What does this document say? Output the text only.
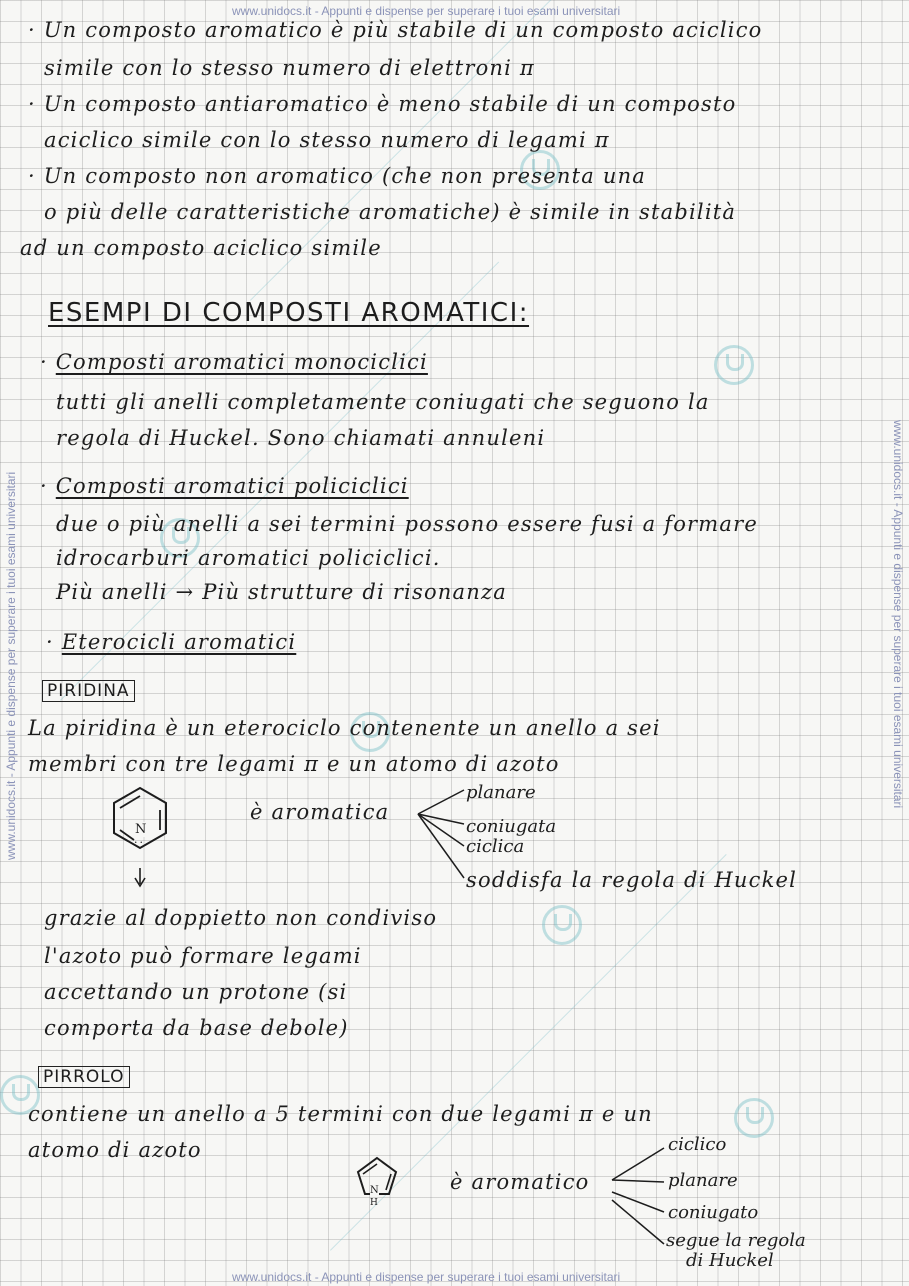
www.unidocs.it - Appunti e dispense per superare i tuoi esami universitari
www.unidocs.it - Appunti e dispense per superare i tuoi esami universitari
www.unidocs.it - Appunti e dispense per superare i tuoi esami universitari	www.unidocs.it - Appunti e dispense per superare i tuoi esami universitari
· Un composto aromatico è più stabile di un composto aciclico
simile con lo stesso numero di elettroni π
· Un composto antiaromatico è meno stabile di un composto
aciclico simile con lo stesso numero di legami π
· Un composto non aromatico (che non presenta una
o più delle caratteristiche aromatiche) è simile in stabilità
ad un composto aciclico simile
ESEMPI DI COMPOSTI AROMATICI:
· Composti aromatici monociclici
tutti gli anelli completamente coniugati che seguono la
regola di Huckel. Sono chiamati annuleni
· Composti aromatici policiclici
due o più anelli a sei termini possono essere fusi a formare
idrocarburi aromatici policiclici.
Più anelli → Più strutture di risonanza
· Eterocicli aromatici
PIRIDINA
La piridina è un eterociclo contenente un anello a sei
membri con tre legami π e un atomo di azoto
N
··
è aromatica
planare
coniugata
ciclica
soddisfa la regola di Huckel
grazie al doppietto non condiviso
l'azoto può formare legami
accettando un protone (si
comporta da base debole)
PIRROLO
contiene un anello a 5 termini con due legami π e un
atomo di azoto
N
H
è aromatico
ciclico
planare
coniugato
segue la regola
di Huckel
